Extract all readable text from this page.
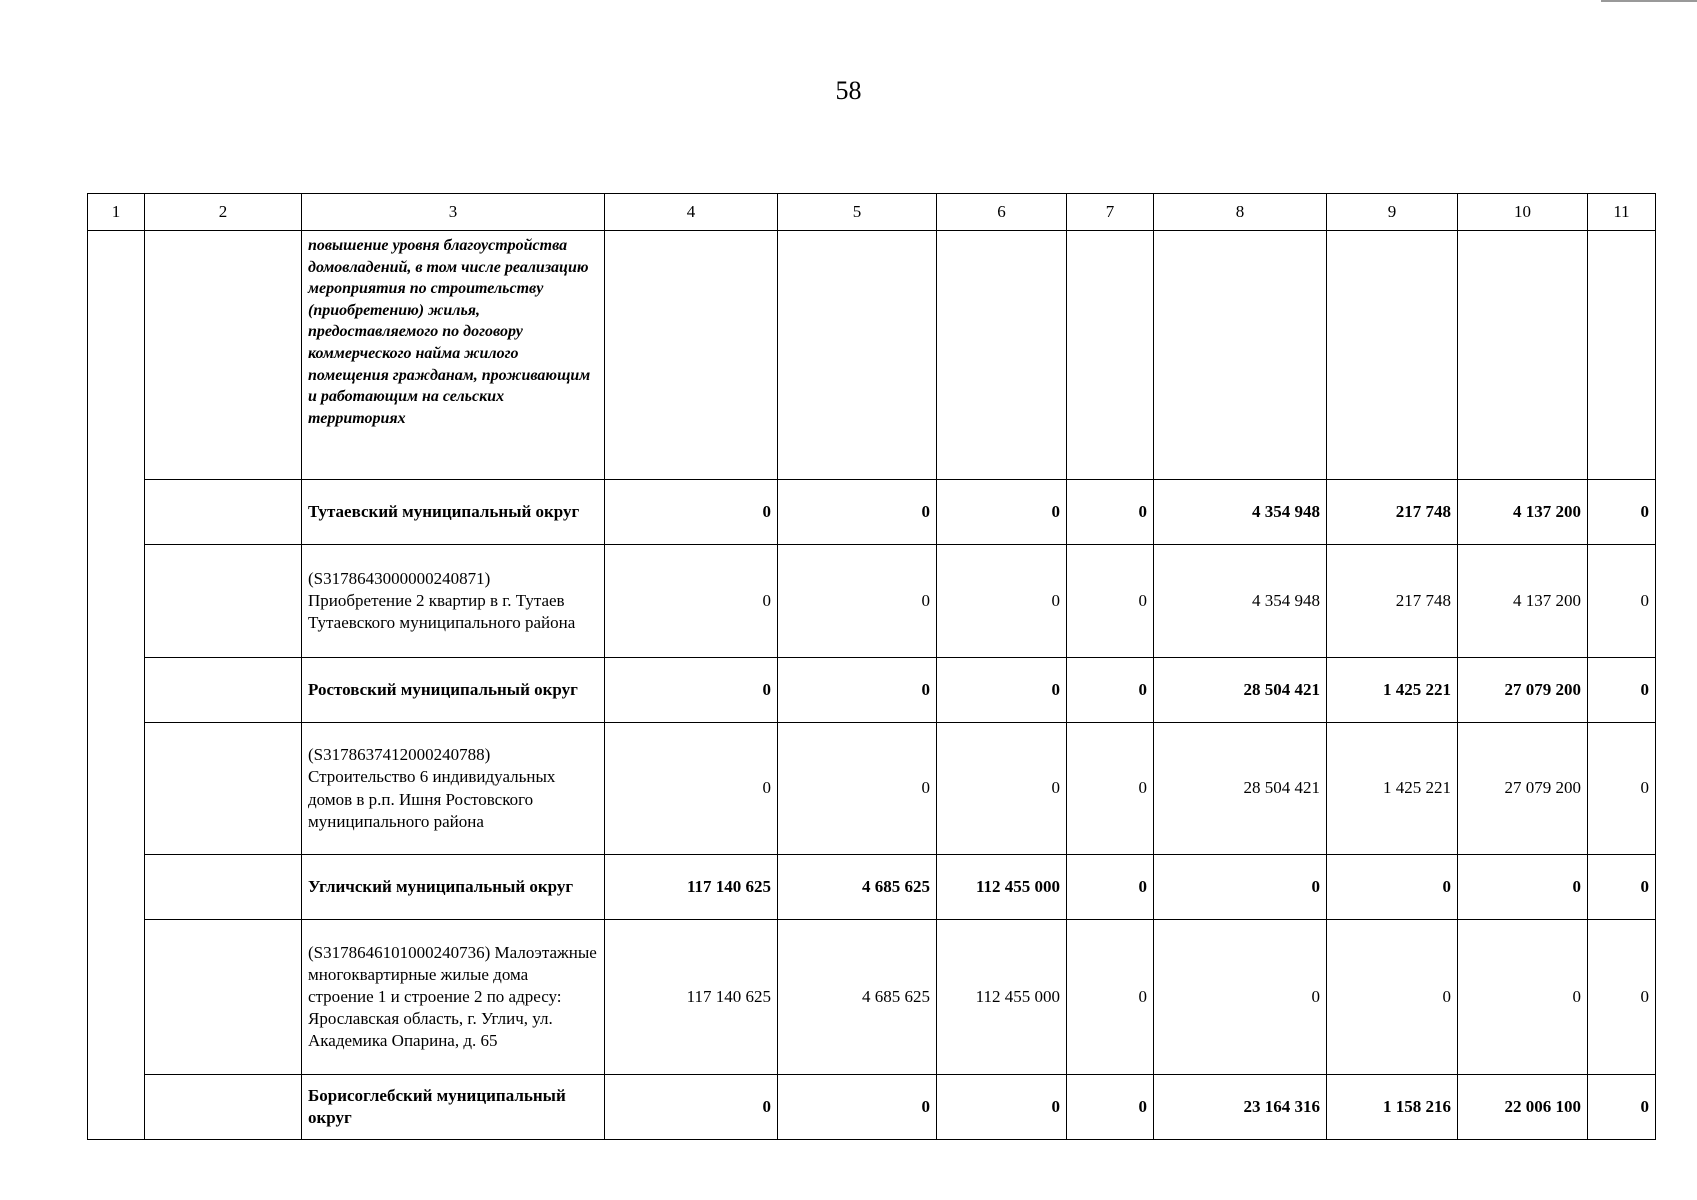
58
1	2	3	4	5	6	7	8	9	10	11
		повышение уровня благоустройства домовладений, в том числе реализацию мероприятия по строительству (приобретению) жилья, предоставляемого по договору коммерческого найма жилого помещения гражданам, проживающим и работающим на сельских территориях								
		Тутаевский муниципальный округ	0	0	0	0	4 354 948	217 748	4 137 200	0
		(S3178643000000240871) Приобретение 2 квартир в г. Тутаев Тутаевского муниципального района	0	0	0	0	4 354 948	217 748	4 137 200	0
		Ростовский муниципальный округ	0	0	0	0	28 504 421	1 425 221	27 079 200	0
		(S3178637412000240788) Строительство 6 индивидуальных домов в р.п. Ишня Ростовского муниципального района	0	0	0	0	28 504 421	1 425 221	27 079 200	0
		Угличский муниципальный округ	117 140 625	4 685 625	112 455 000	0	0	0	0	0
		(S3178646101000240736) Малоэтажные многоквартирные жилые дома строение 1 и строение 2 по адресу: Ярославская область, г. Углич, ул. Академика Опарина, д. 65	117 140 625	4 685 625	112 455 000	0	0	0	0	0
		Борисоглебский муниципальный округ	0	0	0	0	23 164 316	1 158 216	22 006 100	0
